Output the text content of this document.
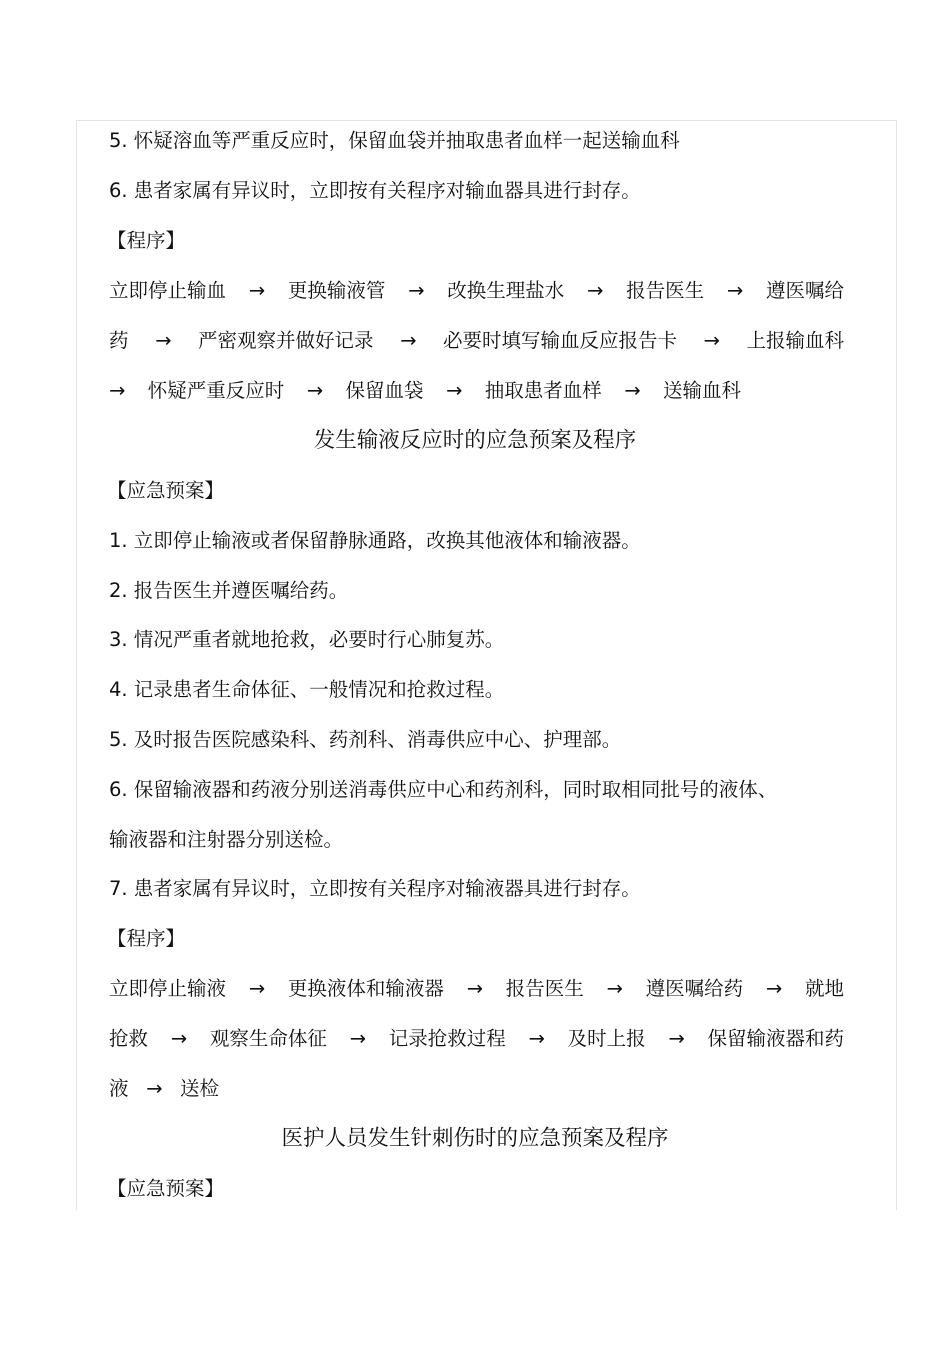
5. 怀疑溶血等严重反应时，保留血袋并抽取患者血样一起送输血科
6. 患者家属有异议时，立即按有关程序对输血器具进行封存。
【程序】
立即停止输血 → 更换输液管 → 改换生理盐水 → 报告医生 → 遵医嘱给
药 → 严密观察并做好记录 → 必要时填写输血反应报告卡 → 上报输血科
→ 怀疑严重反应时 → 保留血袋 → 抽取患者血样 → 送输血科
发生输液反应时的应急预案及程序
【应急预案】
1. 立即停止输液或者保留静脉通路，改换其他液体和输液器。
2. 报告医生并遵医嘱给药。
3. 情况严重者就地抢救，必要时行心肺复苏。
4. 记录患者生命体征、一般情况和抢救过程。
5. 及时报告医院感染科、药剂科、消毒供应中心、护理部。
6. 保留输液器和药液分别送消毒供应中心和药剂科，同时取相同批号的液体、
输液器和注射器分别送检。
7. 患者家属有异议时，立即按有关程序对输液器具进行封存。
【程序】
立即停止输液 → 更换液体和输液器 → 报告医生 → 遵医嘱给药 → 就地
抢救 → 观察生命体征 → 记录抢救过程 → 及时上报 → 保留输液器和药
液 → 送检
医护人员发生针刺伤时的应急预案及程序
【应急预案】
